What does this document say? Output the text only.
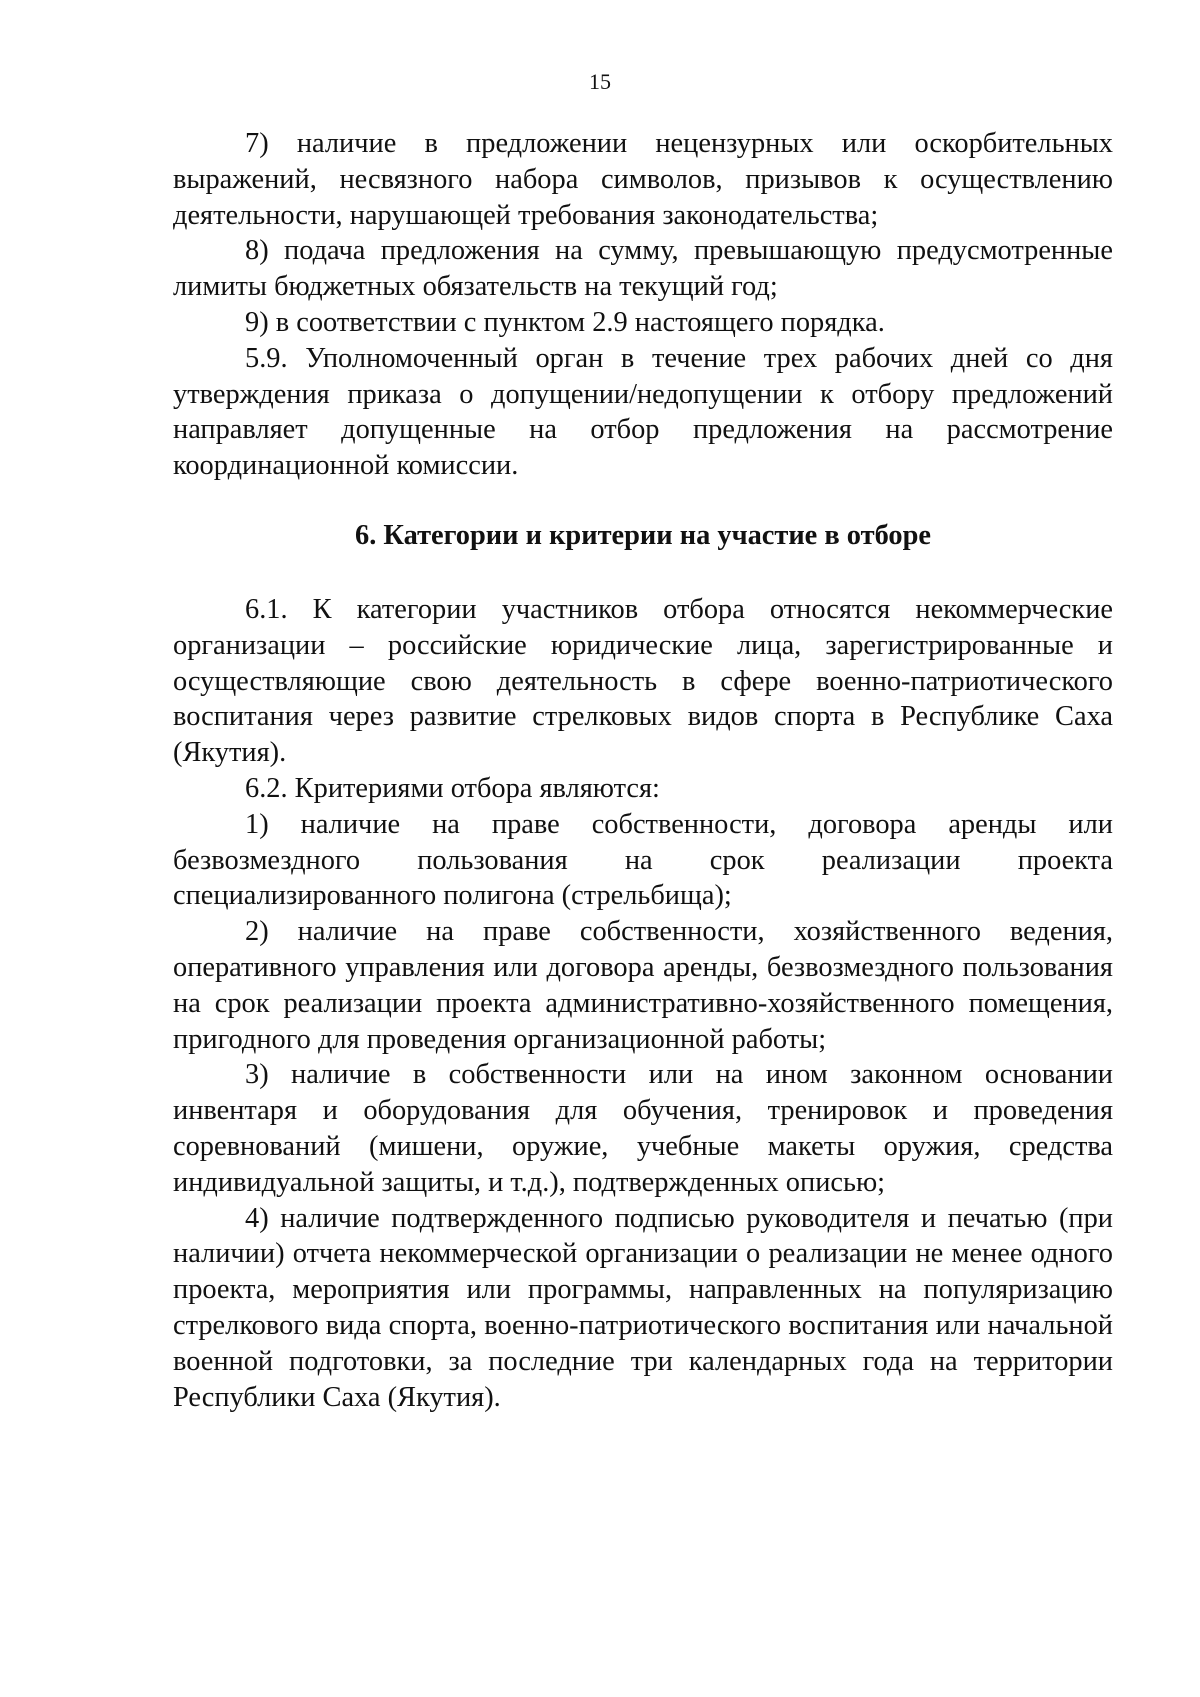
15

7) наличие в предложении нецензурных или оскорбительных выражений, несвязного набора символов, призывов к осуществлению деятельности, нарушающей требования законодательства;

8) подача предложения на сумму, превышающую предусмотренные лимиты бюджетных обязательств на текущий год;

9) в соответствии с пунктом 2.9 настоящего порядка.

5.9. Уполномоченный орган в течение трех рабочих дней со дня утверждения приказа о допущении/недопущении к отбору предложений направляет допущенные на отбор предложения на рассмотрение координационной комиссии.

6. Категории и критерии на участие в отборе

6.1. К категории участников отбора относятся некоммерческие организации – российские юридические лица, зарегистрированные и осуществляющие свою деятельность в сфере военно-патриотического воспитания через развитие стрелковых видов спорта в Республике Саха (Якутия).

6.2. Критериями отбора являются:

1) наличие на праве собственности, договора аренды или безвозмездного пользования на срок реализации проекта специализированного полигона (стрельбища);

2) наличие на праве собственности, хозяйственного ведения, оперативного управления или договора аренды, безвозмездного пользования на срок реализации проекта административно-хозяйственного помещения, пригодного для проведения организационной работы;

3) наличие в собственности или на ином законном основании инвентаря и оборудования для обучения, тренировок и проведения соревнований (мишени, оружие, учебные макеты оружия, средства индивидуальной защиты, и т.д.), подтвержденных описью;

4) наличие подтвержденного подписью руководителя и печатью (при наличии) отчета некоммерческой организации о реализации не менее одного проекта, мероприятия или программы, направленных на популяризацию стрелкового вида спорта, военно-патриотического воспитания или начальной военной подготовки, за последние три календарных года на территории Республики Саха (Якутия).
